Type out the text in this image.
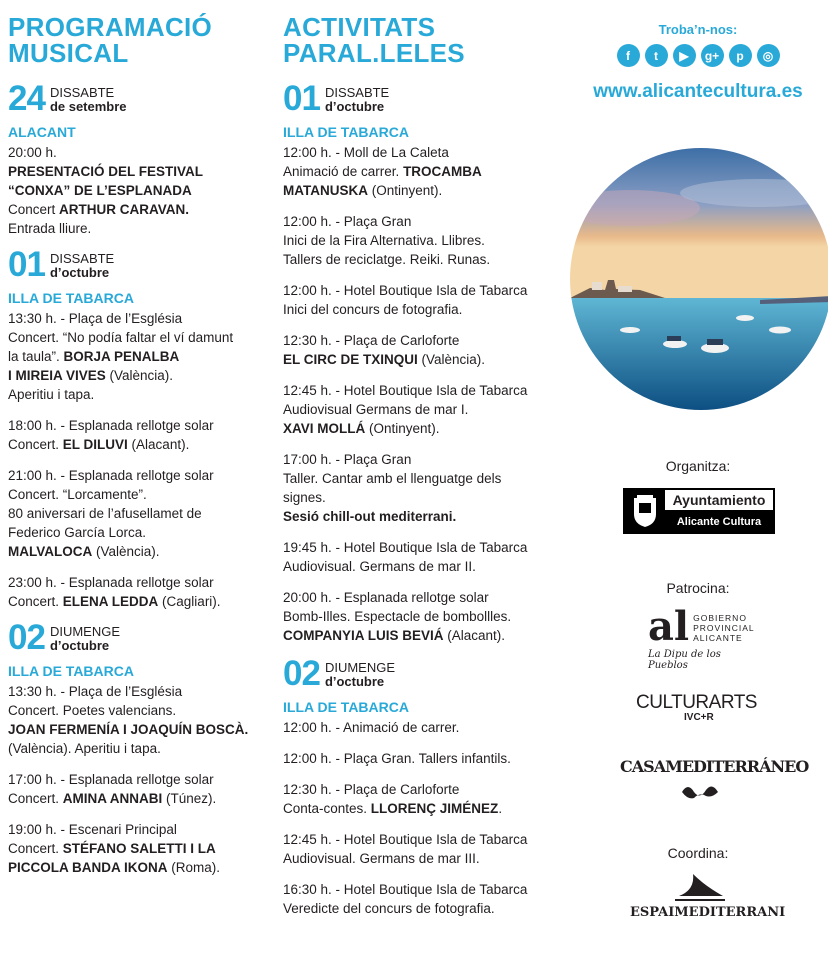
PROGRAMACIÓ
MUSICAL
24 DISSABTE
de setembre
ALACANT

20:00 h.

PRESENTACIÓ DEL FESTIVAL

“CONXA” DE L’ESPLANADA

Concert ARTHUR CARAVAN.

Entrada lliure.

01 DISSABTE
d’octubre
ILLA DE TABARCA

13:30 h. - Plaça de l’Església

Concert. “No podía faltar el ví damunt

la taula”. BORJA PENALBA

I MIREIA VIVES (València).

Aperitiu i tapa.

18:00 h. - Esplanada rellotge solar

Concert. EL DILUVI (Alacant).

21:00 h. - Esplanada rellotge solar

Concert. “Lorcamente”.

80 aniversari de l’afusellamet de

Federico García Lorca.

MALVALOCA (València).

23:00 h. - Esplanada rellotge solar

Concert. ELENA LEDDA (Cagliari).

02 DIUMENGE
d’octubre
ILLA DE TABARCA

13:30 h. - Plaça de l’Església

Concert. Poetes valencians.

JOAN FERMENÍA I JOAQUÍN BOSCÀ.

(València). Aperitiu i tapa.

17:00 h. - Esplanada rellotge solar

Concert. AMINA ANNABI (Túnez).

19:00 h. - Escenari Principal

Concert. STÉFANO SALETTI I LA

PICCOLA BANDA IKONA (Roma).

ACTIVITATS
PARAL.LELES
01 DISSABTE
d’octubre
ILLA DE TABARCA

12:00 h. - Moll de La Caleta

Animació de carrer. TROCAMBA

MATANUSKA (Ontinyent).

12:00 h. - Plaça Gran

Inici de la Fira Alternativa. Llibres.

Tallers de reciclatge. Reiki. Runas.

12:00 h. - Hotel Boutique Isla de Tabarca

Inici del concurs de fotografia.

12:30 h. - Plaça de Carloforte

EL CIRC DE TXINQUI (València).

12:45 h. - Hotel Boutique Isla de Tabarca

Audiovisual Germans de mar I.

XAVI MOLLÁ (Ontinyent).

17:00 h. - Plaça Gran

Taller. Cantar amb el llenguatge dels

signes.

Sesió chill-out mediterrani.

19:45 h. - Hotel Boutique Isla de Tabarca

Audiovisual. Germans de mar II.

20:00 h. - Esplanada rellotge solar

Bomb-Illes. Espectacle de bombollles.

COMPANYIA LUIS BEVIÁ (Alacant).

02 DIUMENGE
d’octubre
ILLA DE TABARCA

12:00 h. - Animació de carrer.

12:00 h. - Plaça Gran. Tallers infantils.

12:30 h. - Plaça de Carloforte

Conta-contes. LLORENÇ JIMÉNEZ.

12:45 h. - Hotel Boutique Isla de Tabarca

Audiovisual. Germans de mar III.

16:30 h. - Hotel Boutique Isla de Tabarca

Veredicte del concurs de fotografia.

Troba’n-nos:
f	t	▶	g+	p	◎
www.alicantecultura.es
Organitza:
Ayuntamiento
Alicante Cultura
Patrocina:
al GOBIERNO
PROVINCIAL
ALICANTE
La Dipu de los Pueblos
CULTURARTS
IVC+R
CASAMEDITERRÁNEO
Coordina:
ESPAIMEDITERRANI
